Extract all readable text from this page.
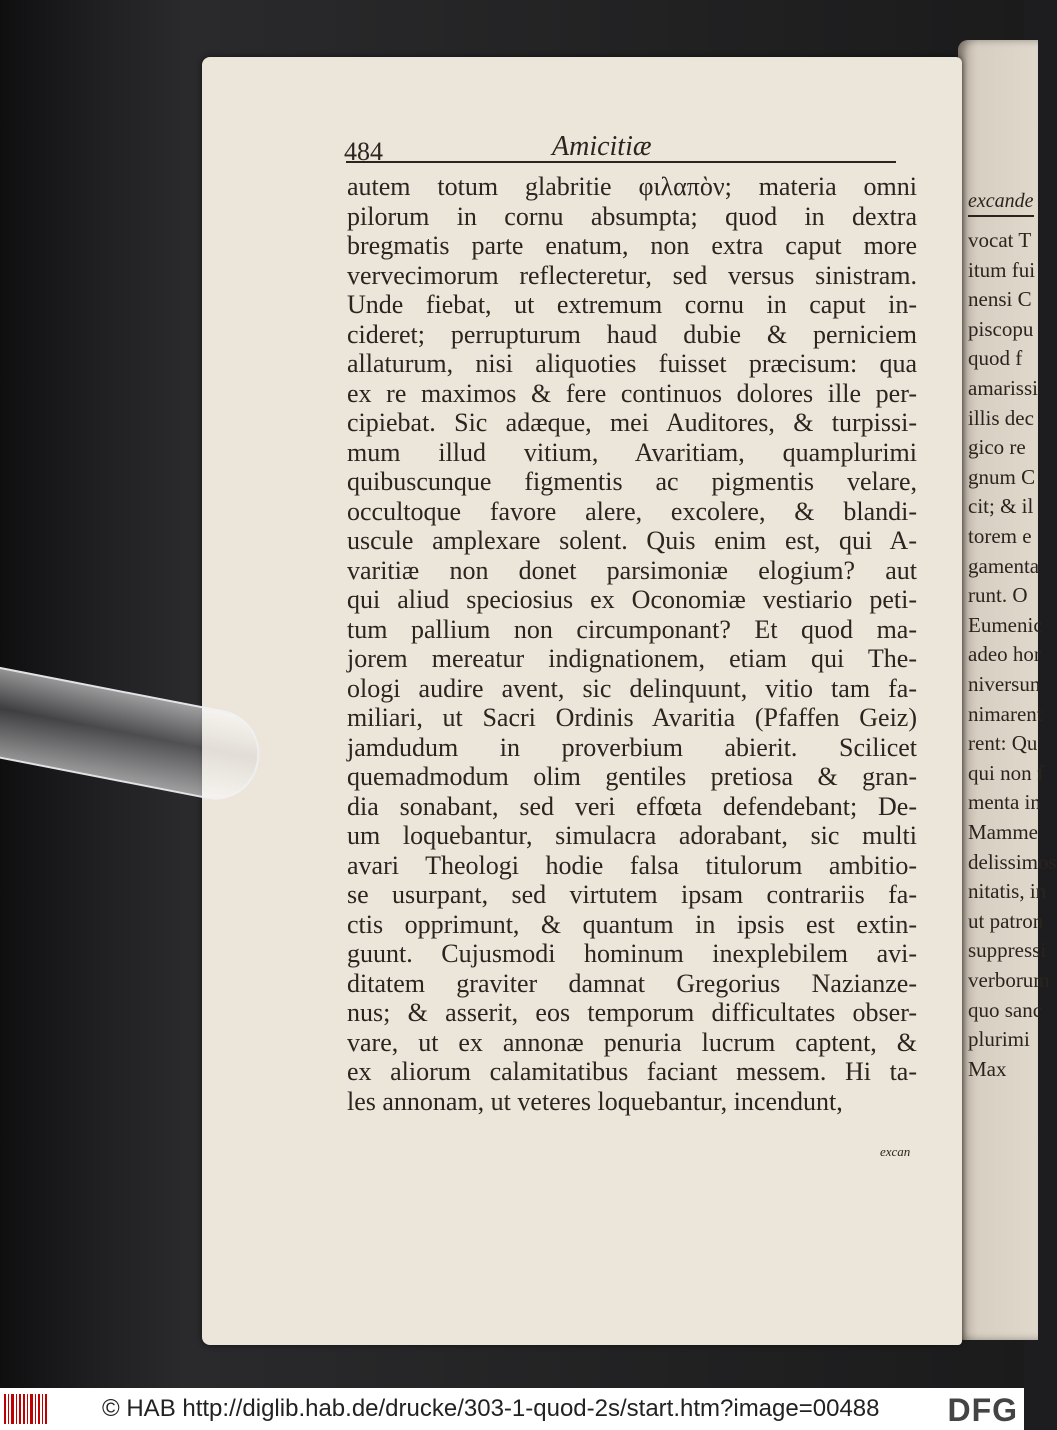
excande
vocat T
itum fui
nensi C
piscopu
quod f
amarissi
illis dec
gico re
gnum C
cit; & il
torem e
gamenta
runt. O
Eumenic
adeo hor
niversun
nimarent
rent: Qu
qui non f
menta in
Mamme
delissimos
nitatis, in
ut patron
suppressi
verborum
quo sanc
plurimi
Max
484	Amicitiæ
autem totum glabritie φιλαπὸν; materia omni
pilorum in cornu absumpta; quod in dextra
bregmatis parte enatum, non extra caput more
vervecimorum reflecteretur, sed versus sinistram.
Unde fiebat, ut extremum cornu in caput in-
cideret; perrupturum haud dubie & perniciem
allaturum, nisi aliquoties fuisset præcisum: qua
ex re maximos & fere continuos dolores ille per-
cipiebat. Sic adæque, mei Auditores, & turpissi-
mum illud vitium, Avaritiam, quamplurimi
quibuscunque figmentis ac pigmentis velare,
occultoque favore alere, excolere, & blandi-
uscule amplexare solent. Quis enim est, qui A-
varitiæ non donet parsimoniæ elogium? aut
qui aliud speciosius ex Oconomiæ vestiario peti-
tum pallium non circumponant? Et quod ma-
jorem mereatur indignationem, etiam qui The-
ologi audire avent, sic delinquunt, vitio tam fa-
miliari, ut Sacri Ordinis Avaritia (Pfaffen Geiz)
jamdudum in proverbium abierit. Scilicet
quemadmodum olim gentiles pretiosa & gran-
dia sonabant, sed veri effœta defendebant; De-
um loquebantur, simulacra adorabant, sic multi
avari Theologi hodie falsa titulorum ambitio-
se usurpant, sed virtutem ipsam contrariis fa-
ctis opprimunt, & quantum in ipsis est extin-
guunt. Cujusmodi hominum inexplebilem avi-
ditatem graviter damnat Gregorius Nazianze-
nus; & asserit, eos temporum difficultates obser-
vare, ut ex annonæ penuria lucrum captent, &
ex aliorum calamitatibus faciant messem. Hi ta-
les annonam, ut veteres loquebantur, incendunt,
excan
© HAB http://diglib.hab.de/drucke/303-1-quod-2s/start.htm?image=00488 DFG
